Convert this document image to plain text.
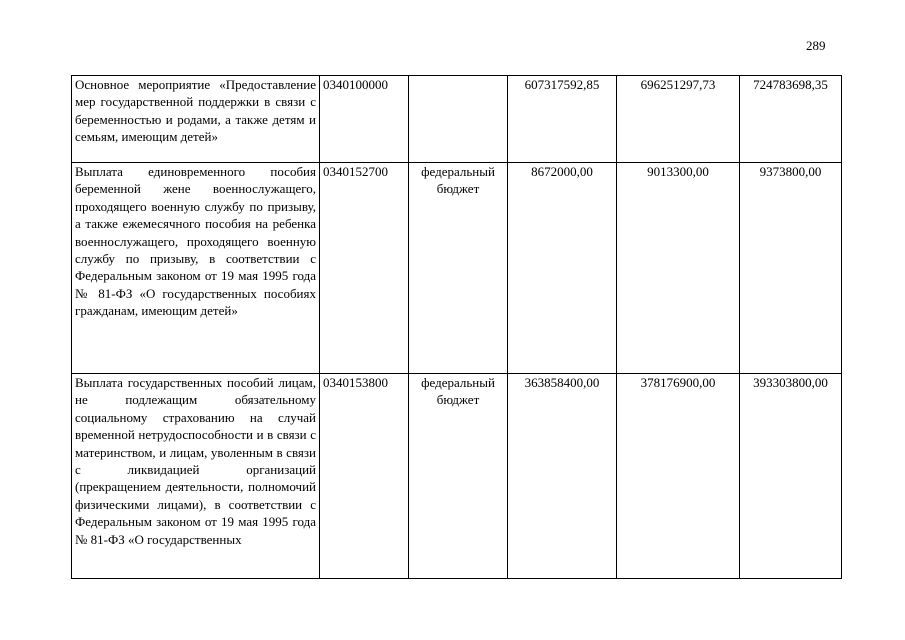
289
Основное мероприятие «Предоставление мер государственной поддержки в связи с беременностью и родами, а также детям и семьям, имеющим детей»	0340100000		607317592,85	696251297,73	724783698,35
Выплата единовременного пособия беременной жене военнослужащего, проходящего военную службу по призыву, а также ежемесячного пособия на ребенка военнослужащего, проходящего военную службу по призыву, в соответствии с Федеральным законом от 19 мая 1995 года № 81-ФЗ «О государственных пособиях гражданам, имеющим детей»	0340152700	федеральный бюджет	8672000,00	9013300,00	9373800,00
Выплата государственных пособий лицам, не подлежащим обязательному социальному страхованию на случай временной нетрудоспособности и в связи с материнством, и лицам, уволенным в связи с ликвидацией организаций (прекращением деятельности, полномочий физическими лицами), в соответствии с Федеральным законом от 19 мая 1995 года № 81-ФЗ «О государственных	0340153800	федеральный бюджет	363858400,00	378176900,00	393303800,00
